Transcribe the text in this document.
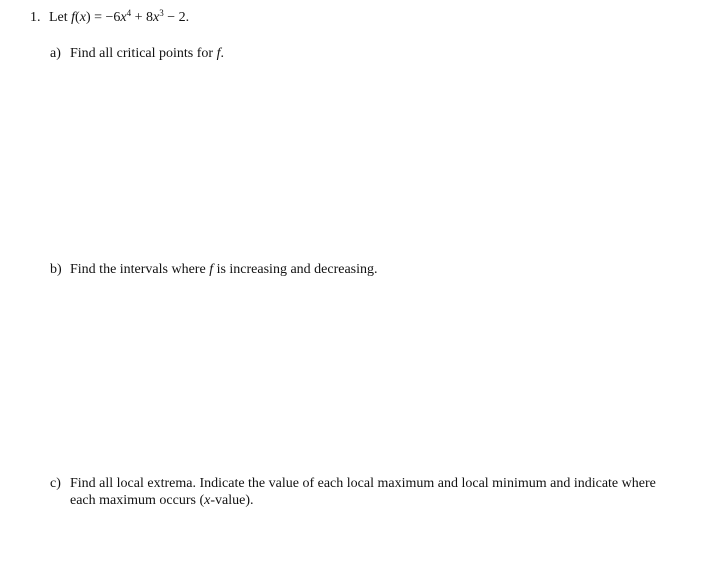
1. Let $f(x) = -6x^4 + 8x^3 - 2$.
a) Find all critical points for f.
b) Find the intervals where f is increasing and decreasing.
c) Find all local extrema. Indicate the value of each local maximum and local minimum and indicate where each maximum occurs (x-value).
